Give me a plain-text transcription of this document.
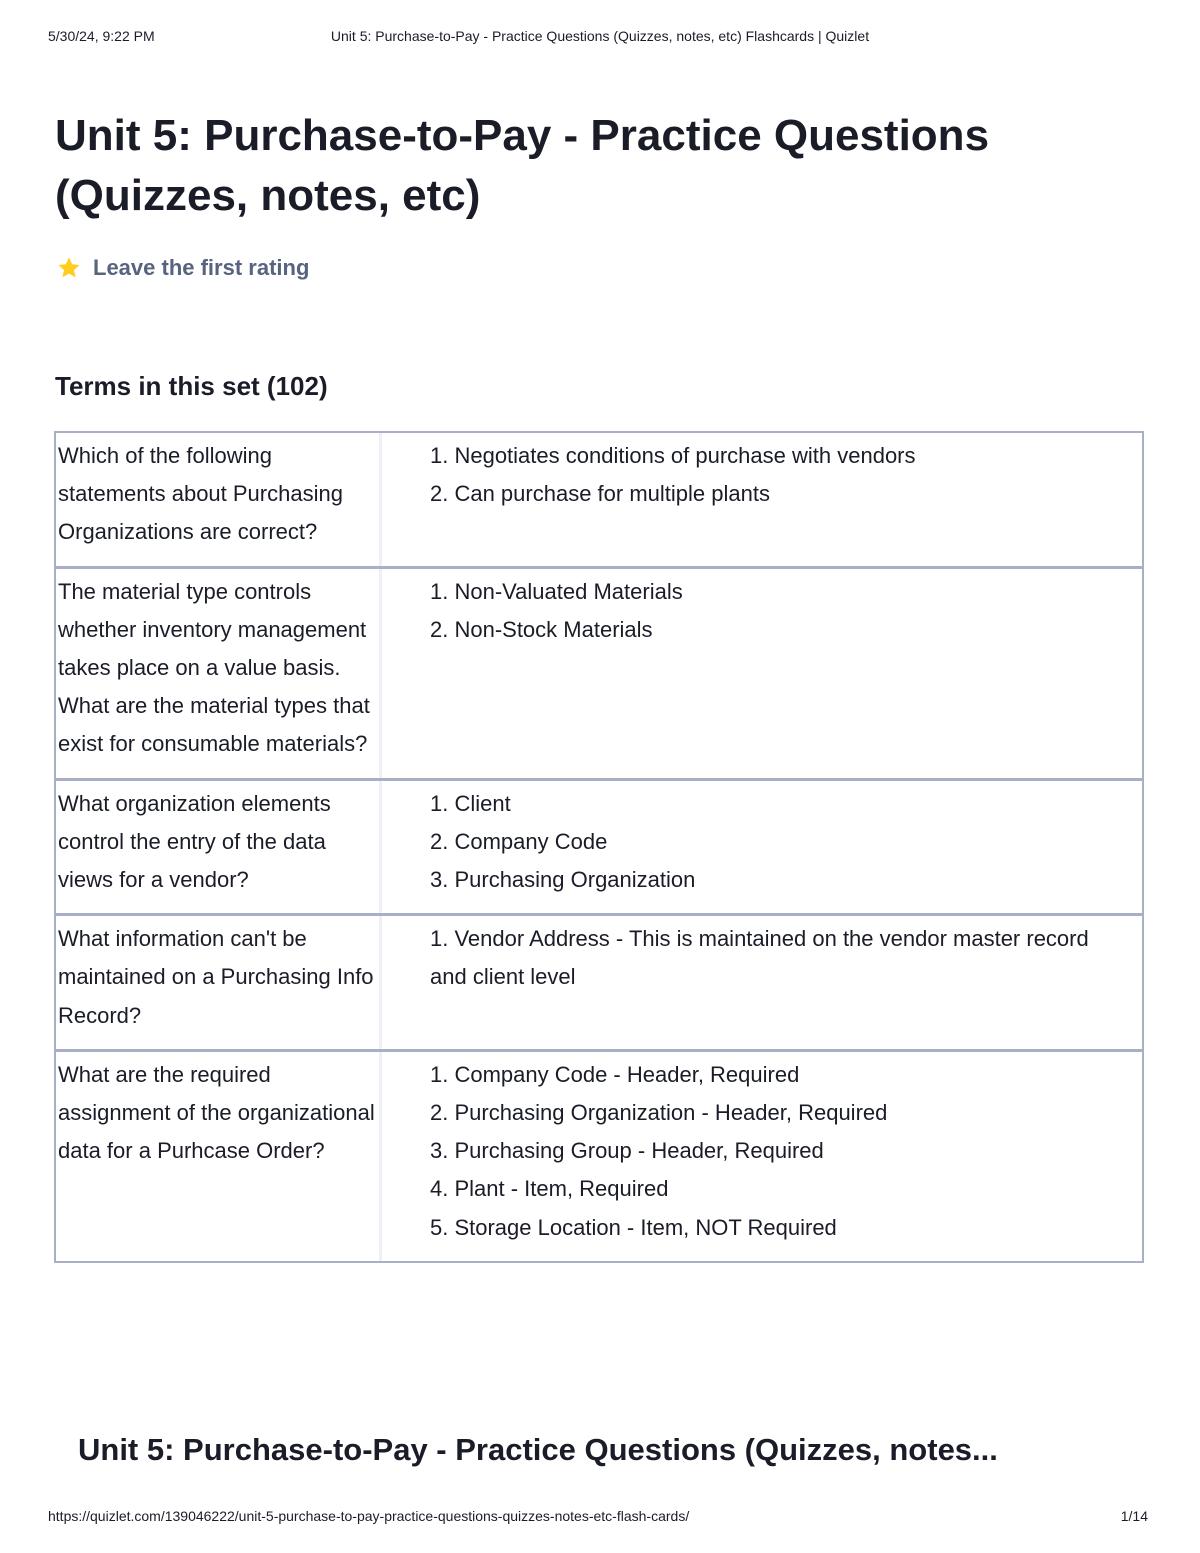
5/30/24, 9:22 PM	Unit 5: Purchase-to-Pay - Practice Questions (Quizzes, notes, etc) Flashcards | Quizlet
Unit 5: Purchase-to-Pay - Practice Questions (Quizzes, notes, etc)
Leave the first rating
Terms in this set (102)
Which of the following statements about Purchasing Organizations are correct?
1. Negotiates conditions of purchase with vendors
2. Can purchase for multiple plants
The material type controls whether inventory management takes place on a value basis. What are the material types that exist for consumable materials?
1. Non-Valuated Materials
2. Non-Stock Materials
What organization elements control the entry of the data views for a vendor?
1. Client
2. Company Code
3. Purchasing Organization
What information can't be maintained on a Purchasing Info Record?
1. Vendor Address - This is maintained on the vendor master record and client level
What are the required assignment of the organizational data for a Purhcase Order?
1. Company Code - Header, Required
2. Purchasing Organization - Header, Required
3. Purchasing Group - Header, Required
4. Plant - Item, Required
5. Storage Location - Item, NOT Required
Unit 5: Purchase-to-Pay - Practice Questions (Quizzes, notes...
https://quizlet.com/139046222/unit-5-purchase-to-pay-practice-questions-quizzes-notes-etc-flash-cards/	1/14
